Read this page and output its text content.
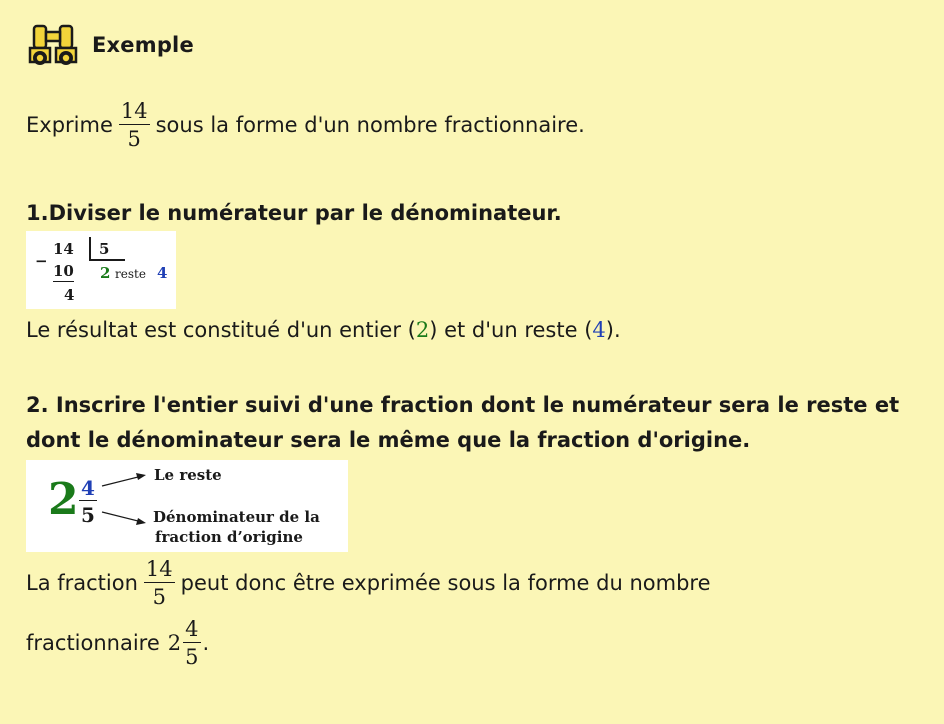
Exemple
Exprime $\frac{14}{5}$ sous la forme d'un nombre fractionnaire.
1.Diviser le numérateur par le dénominateur.
−
14 5
10
4
2 reste 4
Le résultat est constitué d'un entier ( 2 ) et d'un reste ( 4 ).
2. Inscrire l'entier suivi d'une fraction dont le numérateur sera le reste et
dont le dénominateur sera le même que la fraction d'origine.
2 4
5
Le reste
Dénominateur de la
fraction d’origine
La fraction $\frac{14}{5}$ peut donc être exprimée sous la forme du nombre
fractionnaire $2 \frac{4}{5}$ .
